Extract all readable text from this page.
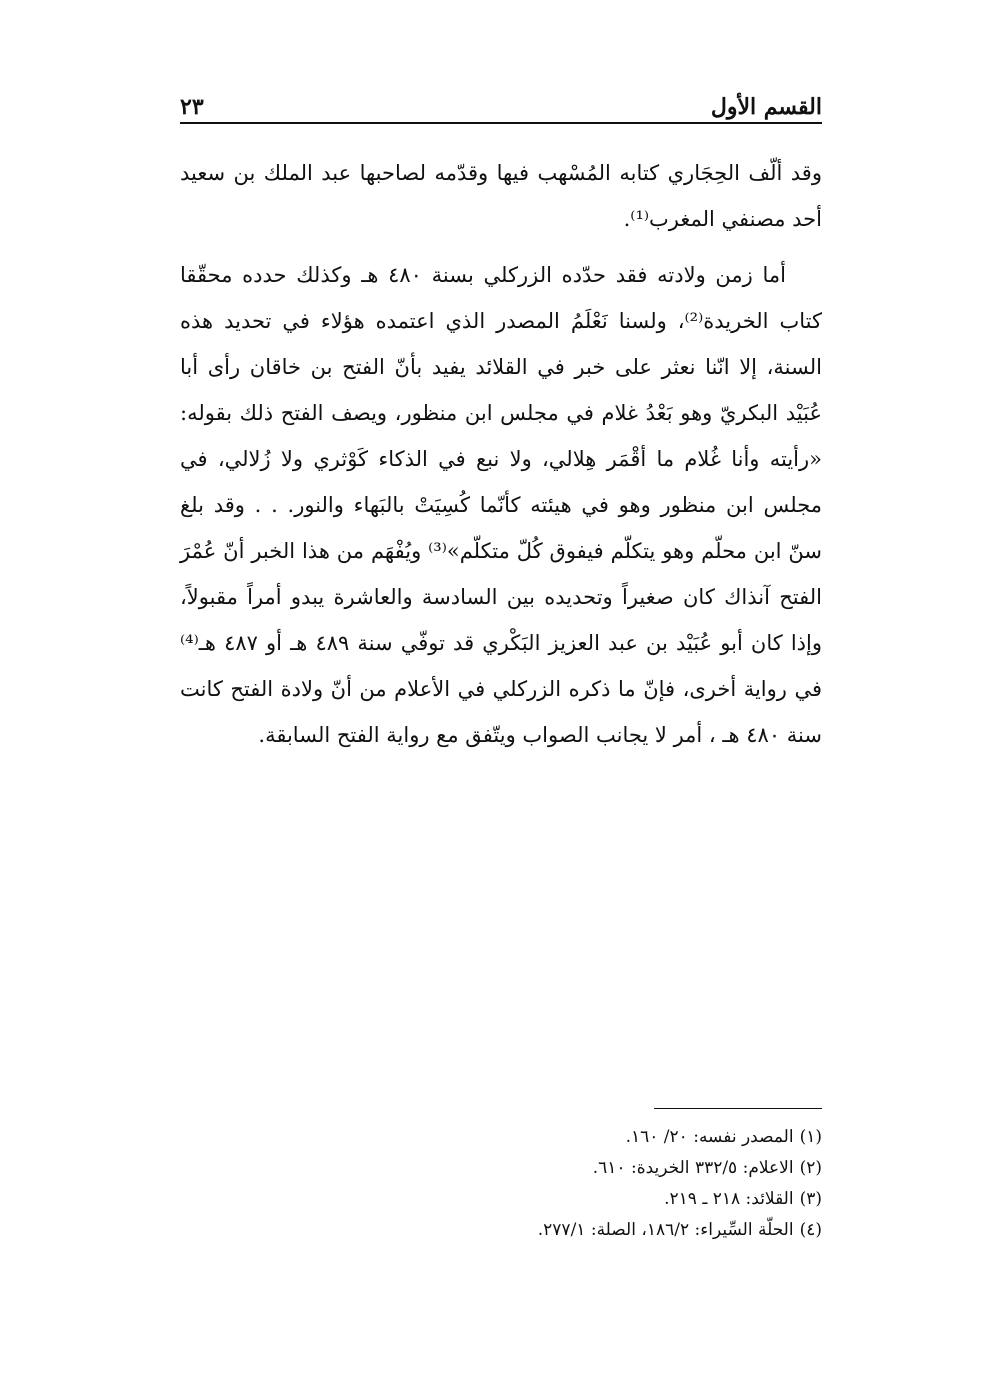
القسم الأول
٢٣

وقد ألّف الحِجَاري كتابه المُسْهب فيها وقدّمه لصاحبها عبد الملك بن سعيد أحد مصنفي المغرب⁽¹⁾.

أما زمن ولادته فقد حدّده الزركلي بسنة ٤٨٠ هـ وكذلك حدده محقّقا كتاب الخريدة⁽²⁾، ولسنا نَعْلَمُ المصدر الذي اعتمده هؤلاء في تحديد هذه السنة، إلا انّنا نعثر على خبر في القلائد يفيد بأنّ الفتح بن خاقان رأى أبا عُبَيْد البكريّ وهو بَعْدُ غلام في مجلس ابن منظور، ويصف الفتح ذلك بقوله: «رأيته وأنا غُلام ما أقْمَر هِلالي، ولا نبع في الذكاء كَوْثري ولا زُلالي، في مجلس ابن منظور وهو في هيئته كأنّما كُسِيَتْ بالبَهاء والنور. . . وقد بلغ سنّ ابن محلّم وهو يتكلّم فيفوق كُلّ متكلّم»⁽³⁾ ويُفْهَم من هذا الخبر أنّ عُمْرَ الفتح آنذاك كان صغيراً وتحديده بين السادسة والعاشرة يبدو أمراً مقبولاً، وإذا كان أبو عُبَيْد بن عبد العزيز البَكْري قد توفّي سنة ٤٨٩ هـ أو ٤٨٧ هـ⁽⁴⁾ في رواية أخرى، فإنّ ما ذكره الزركلي في الأعلام من أنّ ولادة الفتح كانت سنة ٤٨٠ هـ ، أمر لا يجانب الصواب ويتّفق مع رواية الفتح السابقة.

(١)المصدر نفسه: ٢٠/ ١٦٠.
(٢)الاعلام: ٣٣٢/٥ الخريدة: ٦١٠.
(٣)القلائد: ٢١٨ ـ ٢١٩.
(٤)الحلّة السِّيراء: ١٨٦/٢، الصلة: ٢٧٧/١.
